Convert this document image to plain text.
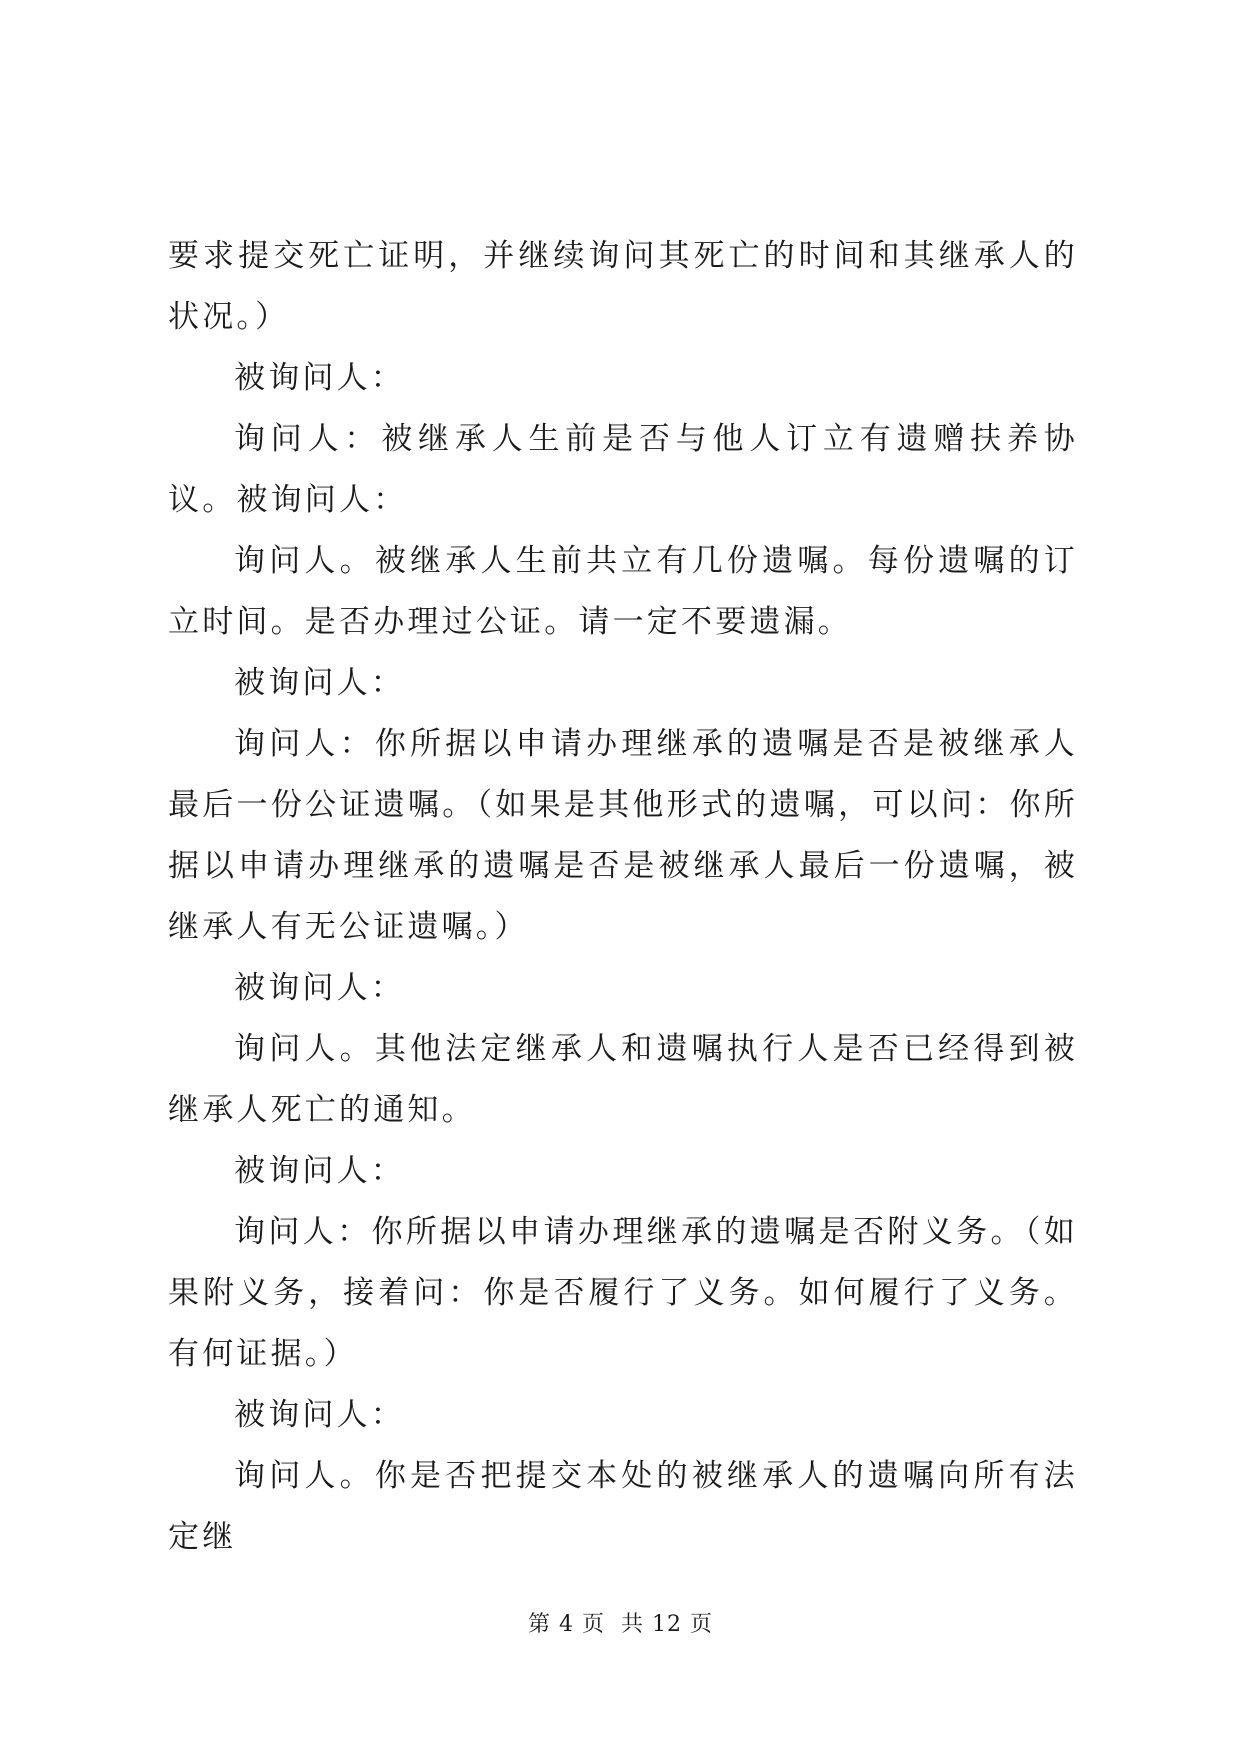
要求提交死亡证明，并继续询问其死亡的时间和其继承人的状况。）

被询问人：

询问人：被继承人生前是否与他人订立有遗赠扶养协议。被询问人：

询问人。被继承人生前共立有几份遗嘱。每份遗嘱的订立时间。是否办理过公证。请一定不要遗漏。

被询问人：

询问人：你所据以申请办理继承的遗嘱是否是被继承人最后一份公证遗嘱。（如果是其他形式的遗嘱，可以问：你所据以申请办理继承的遗嘱是否是被继承人最后一份遗嘱，被继承人有无公证遗嘱。）

被询问人：

询问人。其他法定继承人和遗嘱执行人是否已经得到被继承人死亡的通知。

被询问人：

询问人：你所据以申请办理继承的遗嘱是否附义务。（如果附义务，接着问：你是否履行了义务。如何履行了义务。有何证据。）

被询问人：

询问人。你是否把提交本处的被继承人的遗嘱向所有法定继

第 4 页  共 12 页
